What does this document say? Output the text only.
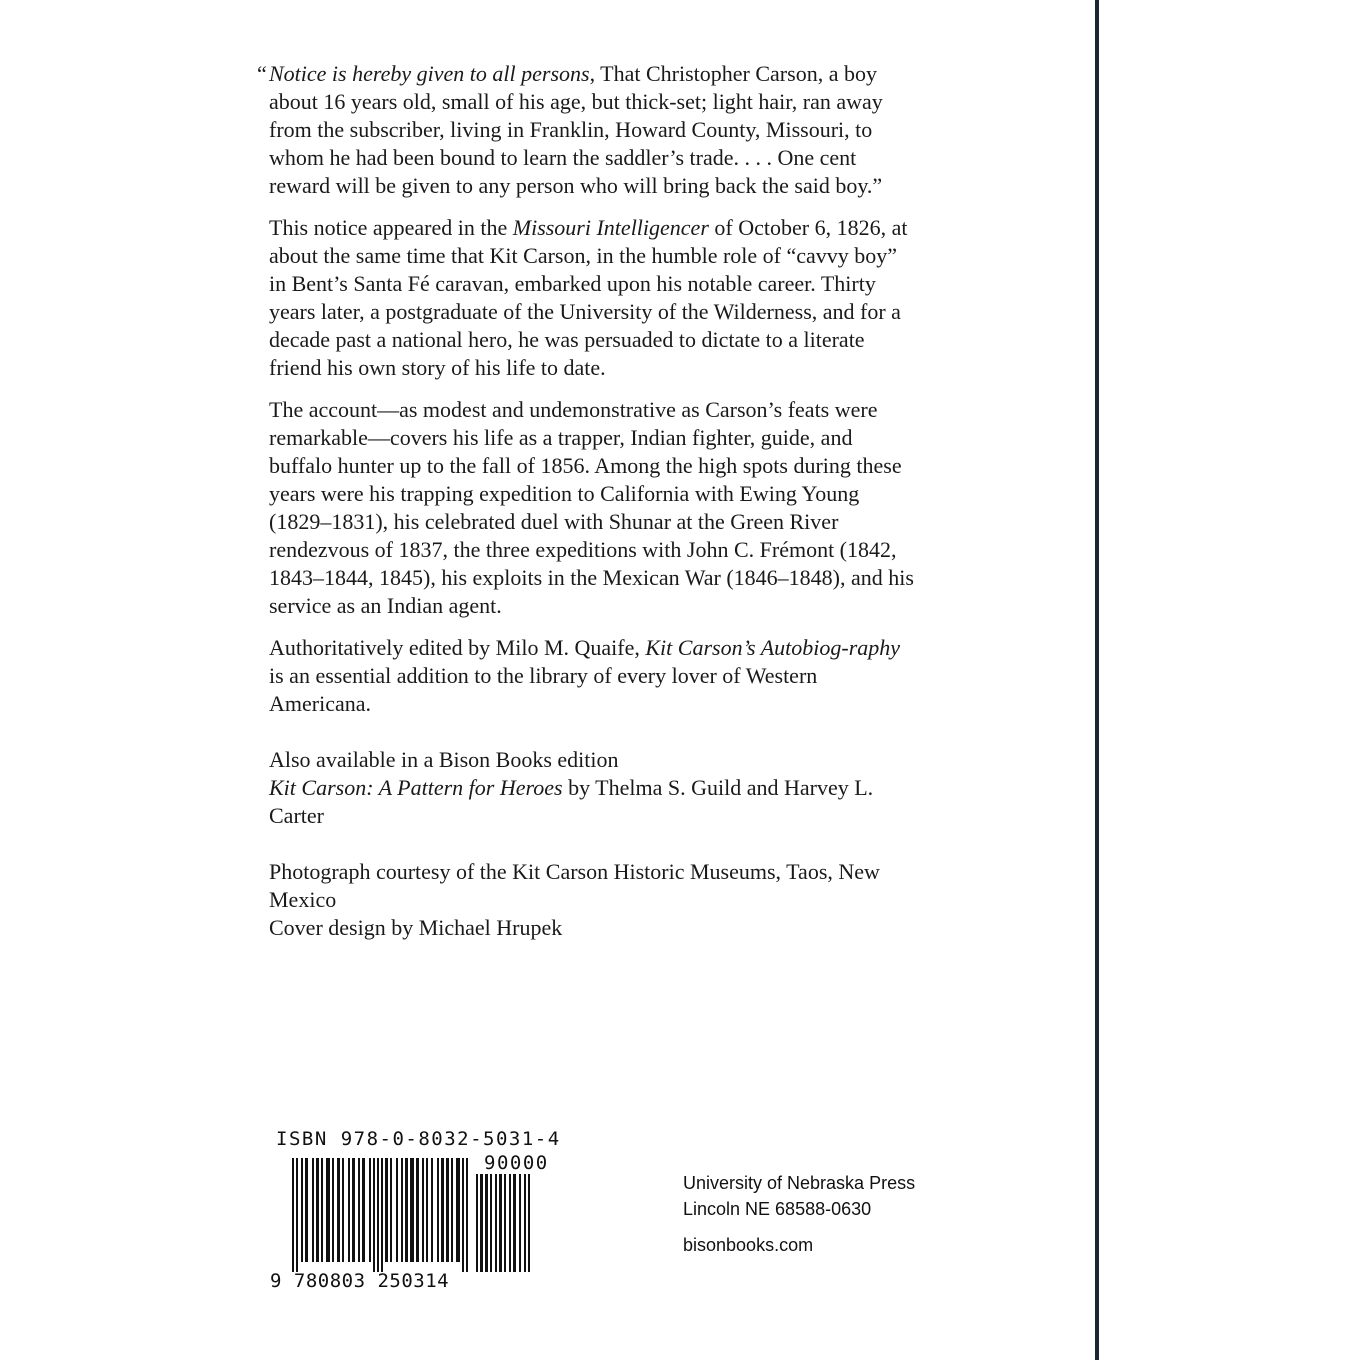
“ Notice is hereby given to all persons, That Christopher Carson, a boy about 16 years old, small of his age, but thick-set; light hair, ran away from the subscriber, living in Franklin, Howard County, Missouri, to whom he had been bound to learn the saddler’s trade. . . . One cent reward will be given to any person who will bring back the said boy.”

This notice appeared in the Missouri Intelligencer of October 6, 1826, at about the same time that Kit Carson, in the humble role of “cavvy boy” in Bent’s Santa Fé caravan, embarked upon his notable career. Thirty years later, a postgraduate of the University of the Wilderness, and for a decade past a national hero, he was persuaded to dictate to a literate friend his own story of his life to date.

The account—as modest and undemonstrative as Carson’s feats were remarkable—covers his life as a trapper, Indian fighter, guide, and buffalo hunter up to the fall of 1856. Among the high spots during these years were his trapping expedition to California with Ewing Young (1829–1831), his celebrated duel with Shunar at the Green River rendezvous of 1837, the three expeditions with John C. Frémont (1842, 1843–1844, 1845), his exploits in the Mexican War (1846–1848), and his service as an Indian agent.

Authoritatively edited by Milo M. Quaife, Kit Carson’s Autobiog-raphy is an essential addition to the library of every lover of Western Americana.

Also available in a Bison Books edition
Kit Carson: A Pattern for Heroes by Thelma S. Guild and Harvey L. Carter

Photograph courtesy of the Kit Carson Historic Museums, Taos, New Mexico
Cover design by Michael Hrupek

ISBN 978-0-8032-5031-4
90000
9 780803 250314
University of Nebraska Press
Lincoln NE 68588-0630
bisonbooks.com
